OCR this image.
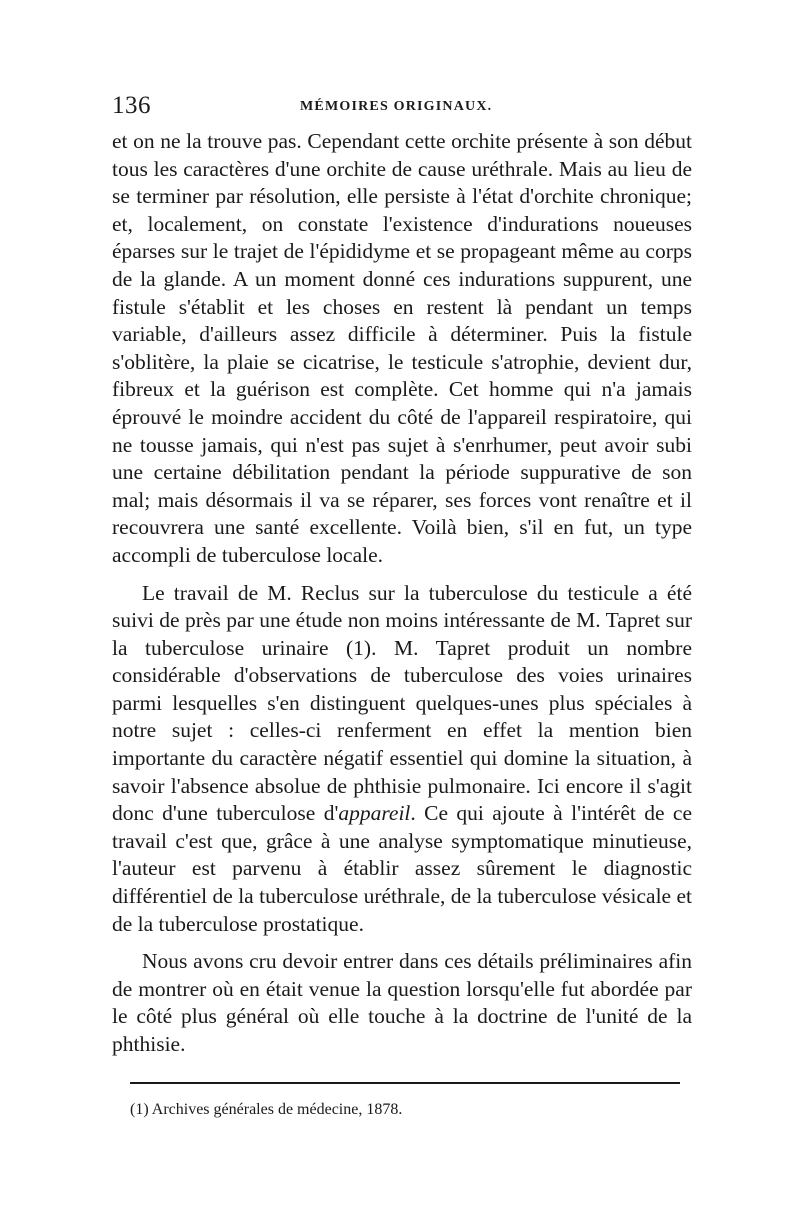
136	MÉMOIRES ORIGINAUX.

et on ne la trouve pas. Cependant cette orchite présente à son début tous les caractères d'une orchite de cause uréthrale. Mais au lieu de se terminer par résolution, elle persiste à l'état d'orchite chronique; et, localement, on constate l'existence d'indurations noueuses éparses sur le trajet de l'épididyme et se propageant même au corps de la glande. A un moment donné ces indurations suppurent, une fistule s'établit et les choses en restent là pendant un temps variable, d'ailleurs assez difficile à déterminer. Puis la fistule s'oblitère, la plaie se cicatrise, le testicule s'atrophie, devient dur, fibreux et la guérison est complète. Cet homme qui n'a jamais éprouvé le moindre accident du côté de l'appareil respiratoire, qui ne tousse jamais, qui n'est pas sujet à s'enrhumer, peut avoir subi une certaine débilitation pendant la période suppurative de son mal; mais désormais il va se réparer, ses forces vont renaître et il recouvrera une santé excellente. Voilà bien, s'il en fut, un type accompli de tuberculose locale.

Le travail de M. Reclus sur la tuberculose du testicule a été suivi de près par une étude non moins intéressante de M. Tapret sur la tuberculose urinaire (1). M. Tapret produit un nombre considérable d'observations de tuberculose des voies urinaires parmi lesquelles s'en distinguent quelques-unes plus spéciales à notre sujet : celles-ci renferment en effet la mention bien importante du caractère négatif essentiel qui domine la situation, à savoir l'absence absolue de phthisie pulmonaire. Ici encore il s'agit donc d'une tuberculose d'appareil. Ce qui ajoute à l'intérêt de ce travail c'est que, grâce à une analyse symptomatique minutieuse, l'auteur est parvenu à établir assez sûrement le diagnostic différentiel de la tuberculose uréthrale, de la tuberculose vésicale et de la tuberculose prostatique.

Nous avons cru devoir entrer dans ces détails préliminaires afin de montrer où en était venue la question lorsqu'elle fut abordée par le côté plus général où elle touche à la doctrine de l'unité de la phthisie.

(1) Archives générales de médecine, 1878.
